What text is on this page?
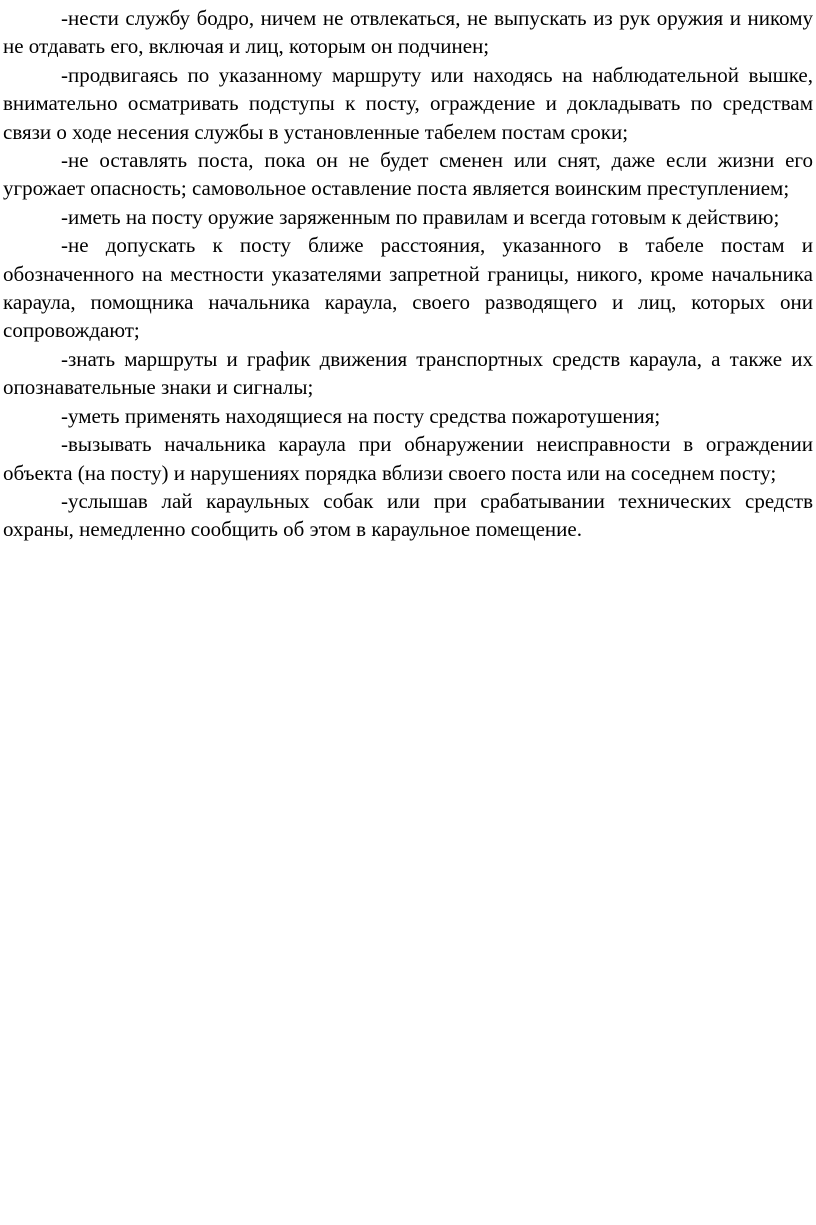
-нести службу бодро, ничем не отвлекаться, не выпускать из рук оружия и никому не отдавать его, включая и лиц, которым он подчинен;

-продвигаясь по указанному маршруту или находясь на наблюдательной вышке, внимательно осматривать подступы к посту, ограждение и докладывать по средствам связи о ходе несения службы в установленные табелем постам сроки;

-не оставлять поста, пока он не будет сменен или снят, даже если жизни его угрожает опасность; самовольное оставление поста является воинским преступлением;

-иметь на посту оружие заряженным по правилам и всегда готовым к действию;

-не допускать к посту ближе расстояния, указанного в табеле постам и обозначенного на местности указателями запретной границы, никого, кроме начальника караула, помощника начальника караула, своего разводящего и лиц, которых они сопровождают;

-знать маршруты и график движения транспортных средств караула, а также их опознавательные знаки и сигналы;

-уметь применять находящиеся на посту средства пожаротушения;

-вызывать начальника караула при обнаружении неисправности в ограждении объекта (на посту) и нарушениях порядка вблизи своего поста или на соседнем посту;

-услышав лай караульных собак или при срабатывании технических средств охраны, немедленно сообщить об этом в караульное помещение.
